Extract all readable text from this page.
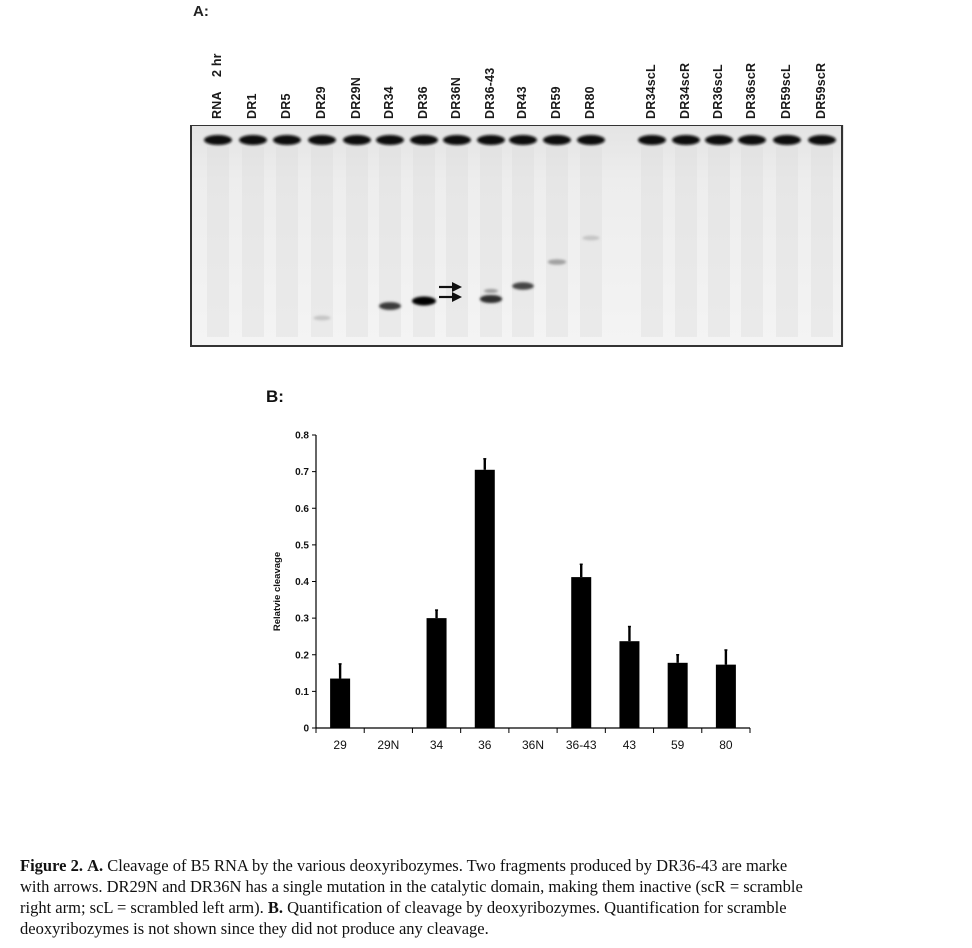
A:
RNA
2 hr
DR1 DR5 DR29 DR29N DR34 DR36 DR36N DR36-43 DR43 DR59 DR80	DR34scL DR34scR DR36scL DR36scR DR59scL DR59scR
B:
0
0.1
0.2
0.3
0.4
0.5
0.6
0.7
0.8
Relatvie cleavage
29	29N	34	36	36N 36-43 43	59	80

Figure 2. A. Cleavage of B5 RNA by the various deoxyribozymes. Two fragments produced by DR36-43 are marke

with arrows. DR29N and DR36N has a single mutation in the catalytic domain, making them inactive (scR = scramble

right arm; scL = scrambled left arm). B. Quantification of cleavage by deoxyribozymes. Quantification for scramble

deoxyribozymes is not shown since they did not produce any cleavage.
